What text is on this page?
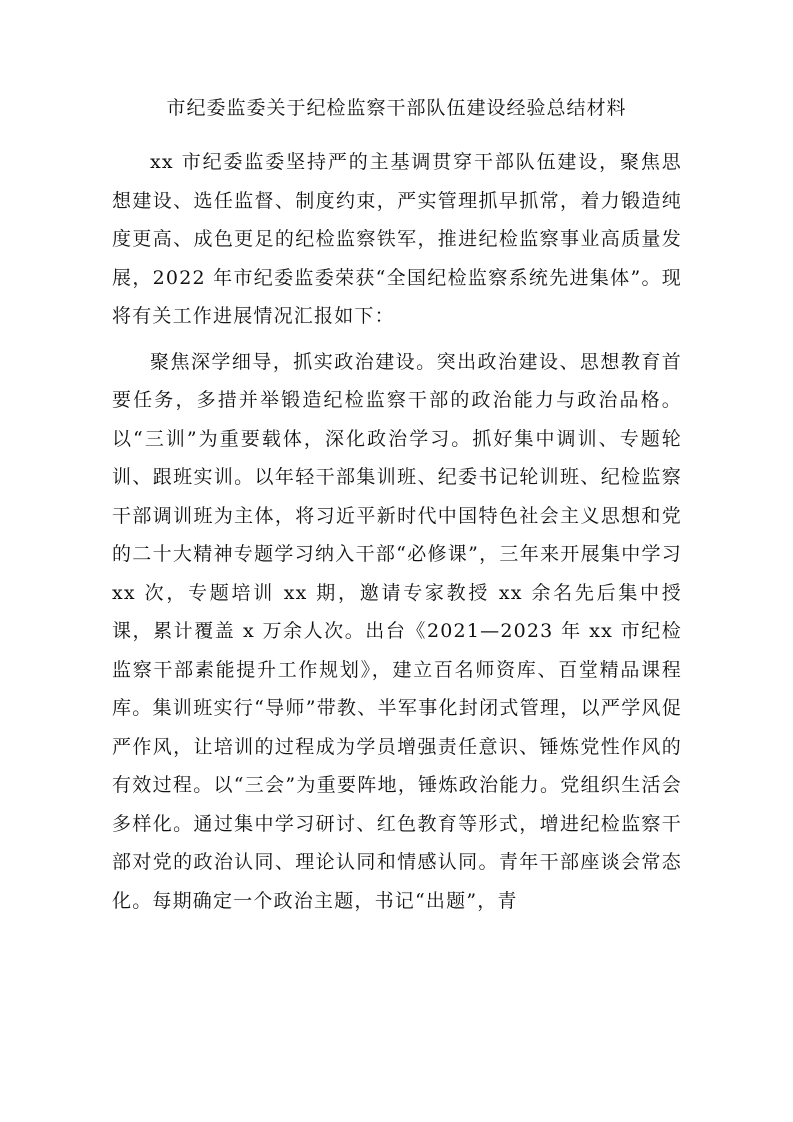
市纪委监委关于纪检监察干部队伍建设经验总结材料

xx 市纪委监委坚持严的主基调贯穿干部队伍建设，聚焦思想建设、选任监督、制度约束，严实管理抓早抓常，着力锻造纯度更高、成色更足的纪检监察铁军，推进纪检监察事业高质量发展，2022 年市纪委监委荣获“全国纪检监察系统先进集体”。现将有关工作进展情况汇报如下：

聚焦深学细导，抓实政治建设。突出政治建设、思想教育首要任务，多措并举锻造纪检监察干部的政治能力与政治品格。以“三训”为重要载体，深化政治学习。抓好集中调训、专题轮训、跟班实训。以年轻干部集训班、纪委书记轮训班、纪检监察干部调训班为主体，将习近平新时代中国特色社会主义思想和党的二十大精神专题学习纳入干部“必修课”，三年来开展集中学习 xx 次，专题培训 xx 期，邀请专家教授 xx 余名先后集中授课，累计覆盖 x 万余人次。出台《2021—2023 年 xx 市纪检监察干部素能提升工作规划》，建立百名师资库、百堂精品课程库。集训班实行“导师”带教、半军事化封闭式管理，以严学风促严作风，让培训的过程成为学员增强责任意识、锤炼党性作风的有效过程。以“三会”为重要阵地，锤炼政治能力。党组织生活会多样化。通过集中学习研讨、红色教育等形式，增进纪检监察干部对党的政治认同、理论认同和情感认同。青年干部座谈会常态化。每期确定一个政治主题，书记“出题”，青
